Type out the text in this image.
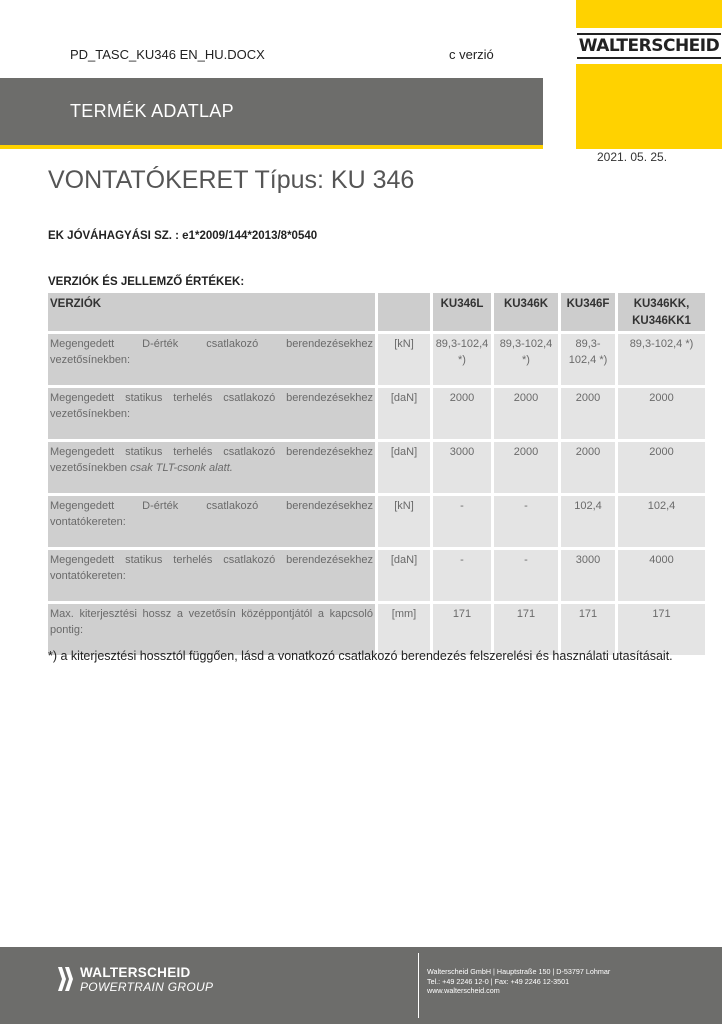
PD_TASC_KU346 EN_HU.DOCX	c verzió	WALTERSCHEID
TERMÉK ADATLAP
2021. 05. 25.
VONTATÓKERET Típus: KU 346
EK JÓVÁHAGYÁSI SZ. : e1*2009/144*2013/8*0540
VERZIÓK ÉS JELLEMZŐ ÉRTÉKEK:
VERZIÓK		KU346L	KU346K	KU346F	KU346KK, KU346KK1
Megengedett D-érték csatlakozó berendezésekhez vezetősínekben:	[kN]	89,3-102,4 *)	89,3-102,4 *)	89,3-102,4 *)	89,3-102,4 *)
Megengedett statikus terhelés csatlakozó berendezésekhez vezetősínekben:	[daN]	2000	2000	2000	2000
Megengedett statikus terhelés csatlakozó berendezésekhez vezetősínekben csak TLT-csonk alatt.	[daN]	3000	2000	2000	2000
Megengedett D-érték csatlakozó berendezésekhez vontatókereten:	[kN]	-	-	102,4	102,4
Megengedett statikus terhelés csatlakozó berendezésekhez vontatókereten:	[daN]	-	-	3000	4000
Max. kiterjesztési hossz a vezetősín középpontjától a kapcsoló pontig:	[mm]	171	171	171	171
*) a kiterjesztési hossztól függően, lásd a vonatkozó csatlakozó berendezés felszerelési és használati utasításait.
WALTERSCHEID
POWERTRAIN GROUP
Walterscheid GmbH | Hauptstraße 150 | D-53797 Lohmar
Tel.: +49 2246 12-0 | Fax: +49 2246 12-3501
www.walterscheid.com
